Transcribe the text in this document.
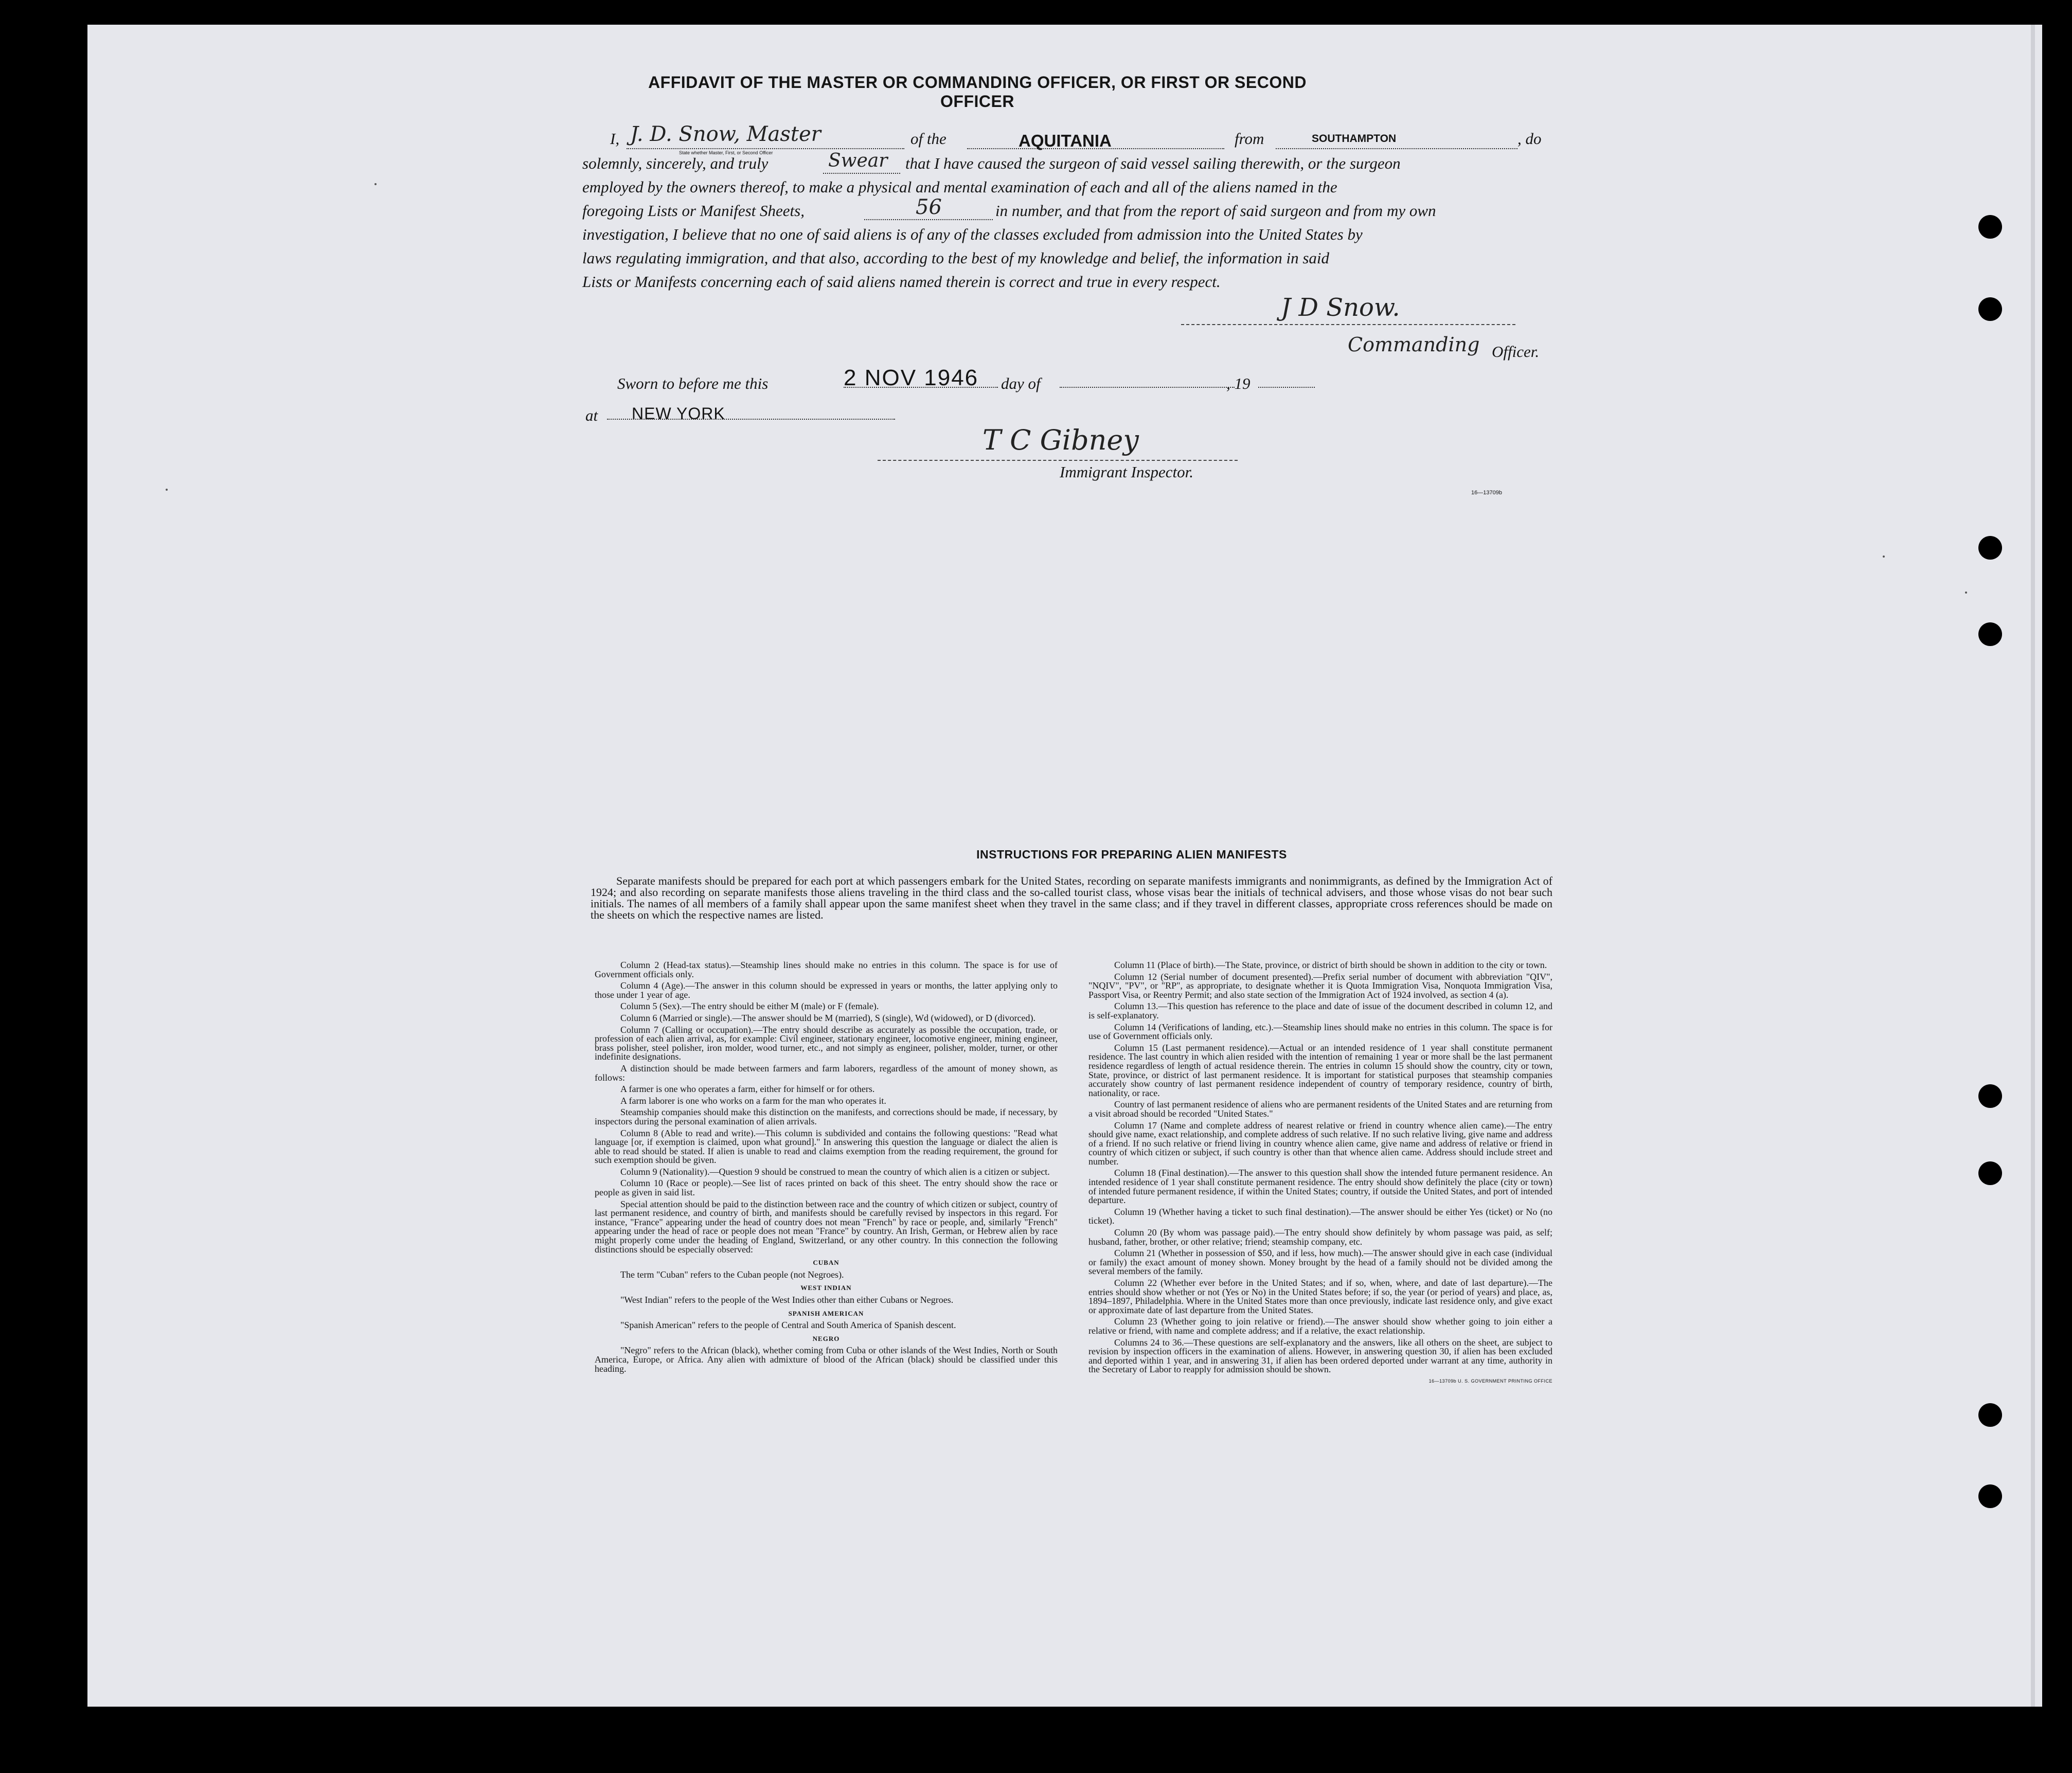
AFFIDAVIT OF THE MASTER OR COMMANDING OFFICER, OR FIRST OR SECOND OFFICER
I, J. D. Snow, Master
State whether Master, First, or Second Officer
of the	AQUITANIA	from	SOUTHAMPTON	, do
solemnly, sincerely, and truly	Swear that I have caused the surgeon of said vessel sailing therewith, or the surgeon
employed by the owners thereof, to make a physical and mental examination of each and all of the aliens named in the
foregoing Lists or Manifest Sheets,	56	in number, and that from the report of said surgeon and from my own
investigation, I believe that no one of said aliens is of any of the classes excluded from admission into the United States by
laws regulating immigration, and that also, according to the best of my knowledge and belief, the information in said
Lists or Manifests concerning each of said aliens named therein is correct and true in every respect.
J D Snow.
Commanding Officer.
Sworn to before me this	2 NOV 1946 day of	, 19
at NEW YORK
T C Gibney
Immigrant Inspector.
16—13709b
INSTRUCTIONS FOR PREPARING ALIEN MANIFESTS
Separate manifests should be prepared for each port at which passengers embark for the United States, recording on separate manifests immigrants and nonimmigrants, as defined by the Immigration Act of 1924; and also recording on separate manifests those aliens traveling in the third class and the so-called tourist class, whose visas bear the initials of technical advisers, and those whose visas do not bear such initials. The names of all members of a family shall appear upon the same manifest sheet when they travel in the same class; and if they travel in different classes, appropriate cross references should be made on the sheets on which the respective names are listed.

Column 2 (Head-tax status).—Steamship lines should make no entries in this column. The space is for use of Government officials only.

Column 4 (Age).—The answer in this column should be expressed in years or months, the latter applying only to those under 1 year of age.

Column 5 (Sex).—The entry should be either M (male) or F (female).

Column 6 (Married or single).—The answer should be M (married), S (single), Wd (widowed), or D (divorced).

Column 7 (Calling or occupation).—The entry should describe as accurately as possible the occupation, trade, or profession of each alien arrival, as, for example: Civil engineer, stationary engineer, locomotive engineer, mining engineer, brass polisher, steel polisher, iron molder, wood turner, etc., and not simply as engineer, polisher, molder, turner, or other indefinite designations.

A distinction should be made between farmers and farm laborers, regardless of the amount of money shown, as follows:

A farmer is one who operates a farm, either for himself or for others.

A farm laborer is one who works on a farm for the man who operates it.

Steamship companies should make this distinction on the manifests, and corrections should be made, if necessary, by inspectors during the personal examination of alien arrivals.

Column 8 (Able to read and write).—This column is subdivided and contains the following questions: "Read what language [or, if exemption is claimed, upon what ground]." In answering this question the language or dialect the alien is able to read should be stated. If alien is unable to read and claims exemption from the reading requirement, the ground for such exemption should be given.

Column 9 (Nationality).—Question 9 should be construed to mean the country of which alien is a citizen or subject.

Column 10 (Race or people).—See list of races printed on back of this sheet. The entry should show the race or people as given in said list.

Special attention should be paid to the distinction between race and the country of which citizen or subject, country of last permanent residence, and country of birth, and manifests should be carefully revised by inspectors in this regard. For instance, "France" appearing under the head of country does not mean "French" by race or people, and, similarly "French" appearing under the head of race or people does not mean "France" by country. An Irish, German, or Hebrew alien by race might properly come under the heading of England, Switzerland, or any other country. In this connection the following distinctions should be especially observed:

CUBAN

The term "Cuban" refers to the Cuban people (not Negroes).

WEST INDIAN

"West Indian" refers to the people of the West Indies other than either Cubans or Negroes.

SPANISH AMERICAN

"Spanish American" refers to the people of Central and South America of Spanish descent.

NEGRO

"Negro" refers to the African (black), whether coming from Cuba or other islands of the West Indies, North or South America, Europe, or Africa. Any alien with admixture of blood of the African (black) should be classified under this heading.

Column 11 (Place of birth).—The State, province, or district of birth should be shown in addition to the city or town.

Column 12 (Serial number of document presented).—Prefix serial number of document with abbreviation "QIV", "NQIV", "PV", or "RP", as appropriate, to designate whether it is Quota Immigration Visa, Nonquota Immigration Visa, Passport Visa, or Reentry Permit; and also state section of the Immigration Act of 1924 involved, as section 4 (a).

Column 13.—This question has reference to the place and date of issue of the document described in column 12, and is self-explanatory.

Column 14 (Verifications of landing, etc.).—Steamship lines should make no entries in this column. The space is for use of Government officials only.

Column 15 (Last permanent residence).—Actual or an intended residence of 1 year shall constitute permanent residence. The last country in which alien resided with the intention of remaining 1 year or more shall be the last permanent residence regardless of length of actual residence therein. The entries in column 15 should show the country, city or town, State, province, or district of last permanent residence. It is important for statistical purposes that steamship companies accurately show country of last permanent residence independent of country of temporary residence, country of birth, nationality, or race.

Country of last permanent residence of aliens who are permanent residents of the United States and are returning from a visit abroad should be recorded "United States."

Column 17 (Name and complete address of nearest relative or friend in country whence alien came).—The entry should give name, exact relationship, and complete address of such relative. If no such relative living, give name and address of a friend. If no such relative or friend living in country whence alien came, give name and address of relative or friend in country of which citizen or subject, if such country is other than that whence alien came. Address should include street and number.

Column 18 (Final destination).—The answer to this question shall show the intended future permanent residence. An intended residence of 1 year shall constitute permanent residence. The entry should show definitely the place (city or town) of intended future permanent residence, if within the United States; country, if outside the United States, and port of intended departure.

Column 19 (Whether having a ticket to such final destination).—The answer should be either Yes (ticket) or No (no ticket).

Column 20 (By whom was passage paid).—The entry should show definitely by whom passage was paid, as self; husband, father, brother, or other relative; friend; steamship company, etc.

Column 21 (Whether in possession of $50, and if less, how much).—The answer should give in each case (individual or family) the exact amount of money shown. Money brought by the head of a family should not be divided among the several members of the family.

Column 22 (Whether ever before in the United States; and if so, when, where, and date of last departure).—The entries should show whether or not (Yes or No) in the United States before; if so, the year (or period of years) and place, as, 1894–1897, Philadelphia. Where in the United States more than once previously, indicate last residence only, and give exact or approximate date of last departure from the United States.

Column 23 (Whether going to join relative or friend).—The answer should show whether going to join either a relative or friend, with name and complete address; and if a relative, the exact relationship.

Columns 24 to 36.—These questions are self-explanatory and the answers, like all others on the sheet, are subject to revision by inspection officers in the examination of aliens. However, in answering question 30, if alien has been excluded and deported within 1 year, and in answering 31, if alien has been ordered deported under warrant at any time, authority in the Secretary of Labor to reapply for admission should be shown.

16—13709b U. S. GOVERNMENT PRINTING OFFICE
